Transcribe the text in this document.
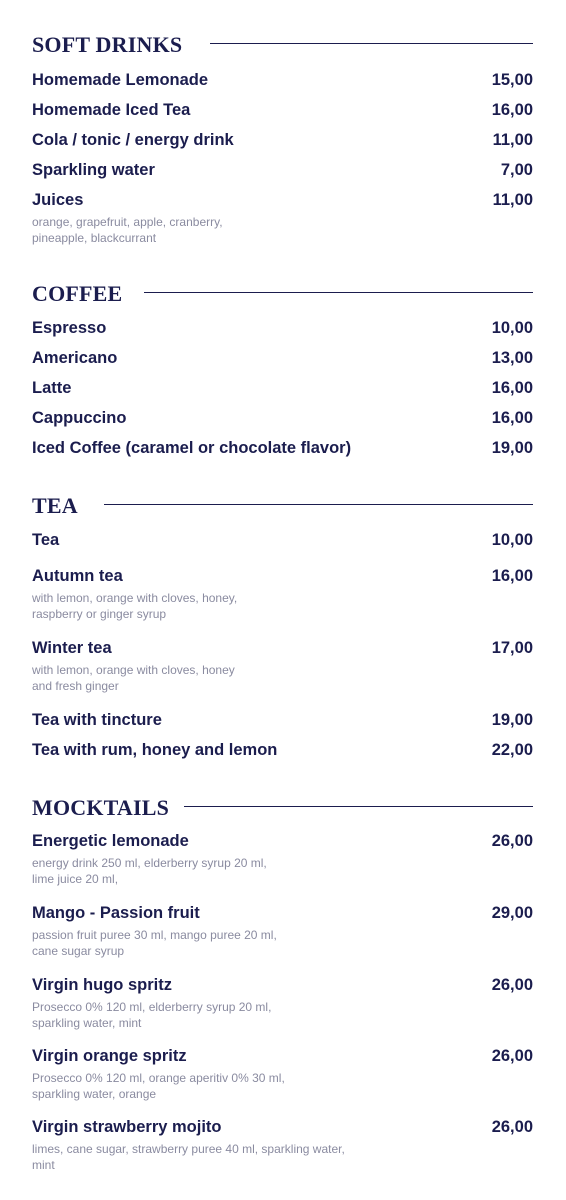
SOFT DRINKS
Homemade Lemonade	15,00
Homemade Iced Tea	16,00
Cola / tonic / energy drink	11,00
Sparkling water	7,00
Juices	11,00
orange, grapefruit, apple, cranberry,
pineapple, blackcurrant
COFFEE
Espresso	10,00
Americano	13,00
Latte	16,00
Cappuccino	16,00
Iced Coffee (caramel or chocolate flavor)	19,00
TEA
Tea	10,00
Autumn tea	16,00
with lemon, orange with cloves, honey,
raspberry or ginger syrup
Winter tea	17,00
with lemon, orange with cloves, honey
and fresh ginger
Tea with tincture	19,00
Tea with rum, honey and lemon	22,00
MOCKTAILS
Energetic lemonade	26,00
energy drink 250 ml, elderberry syrup 20 ml,
lime juice 20 ml,
Mango - Passion fruit	29,00
passion fruit puree 30 ml, mango puree 20 ml,
cane sugar syrup
Virgin hugo spritz	26,00
Prosecco 0% 120 ml, elderberry syrup 20 ml,
sparkling water, mint
Virgin orange spritz	26,00
Prosecco 0% 120 ml, orange aperitiv 0% 30 ml,
sparkling water, orange
Virgin strawberry mojito	26,00
limes, cane sugar, strawberry puree 40 ml, sparkling water,
mint
